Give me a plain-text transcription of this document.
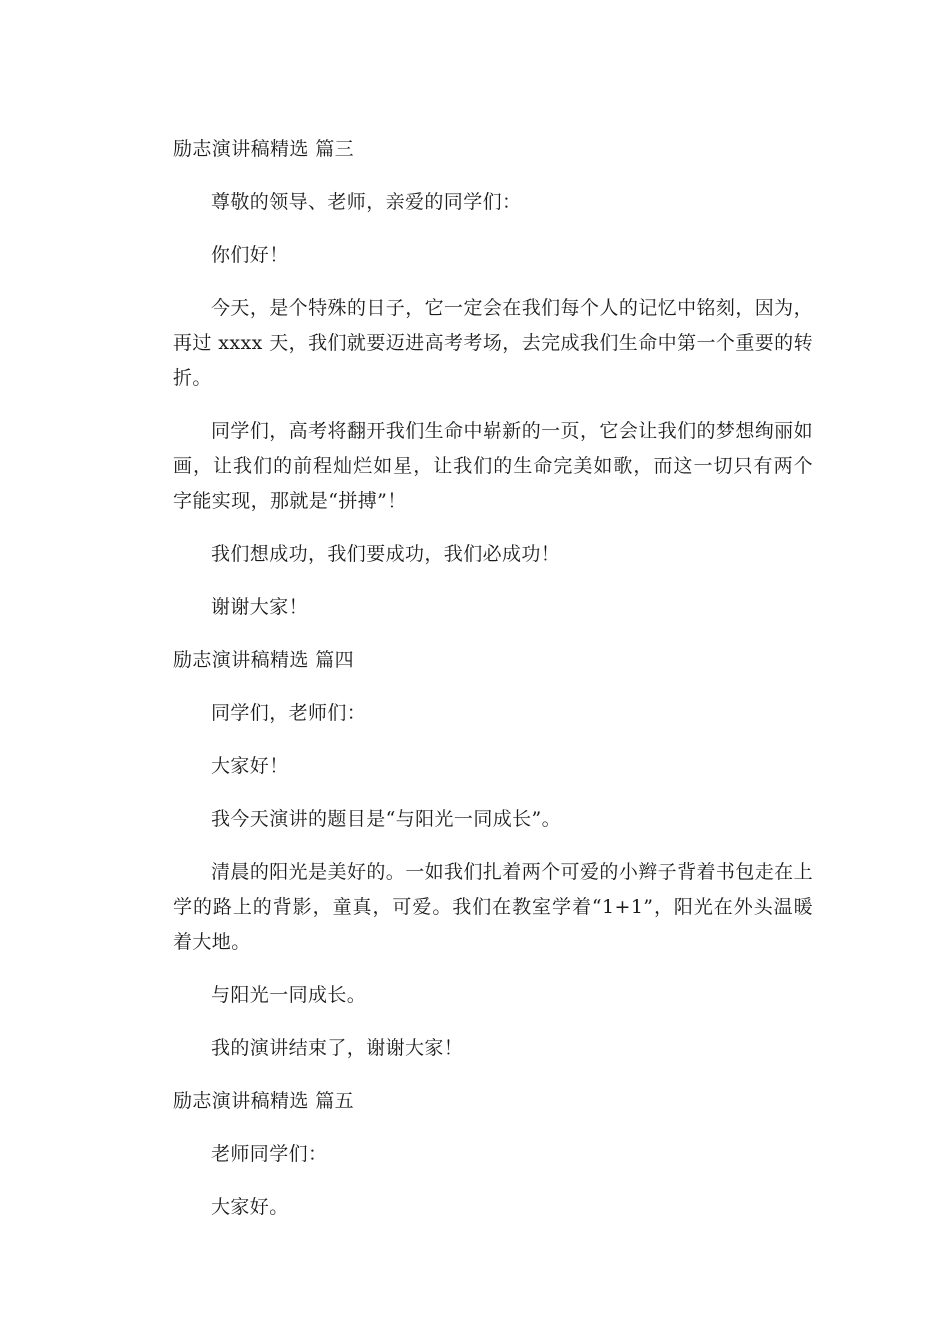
励志演讲稿精选 篇三

尊敬的领导、老师，亲爱的同学们：

你们好！

今天，是个特殊的日子，它一定会在我们每个人的记忆中铭刻，因为，再过 xxxx 天，我们就要迈进高考考场，去完成我们生命中第一个重要的转折。

同学们，高考将翻开我们生命中崭新的一页，它会让我们的梦想绚丽如画，让我们的前程灿烂如星，让我们的生命完美如歌，而这一切只有两个字能实现，那就是“拼搏”！

我们想成功，我们要成功，我们必成功！

谢谢大家！

励志演讲稿精选 篇四

同学们，老师们：

大家好！

我今天演讲的题目是“与阳光一同成长”。

清晨的阳光是美好的。一如我们扎着两个可爱的小辫子背着书包走在上学的路上的背影，童真，可爱。我们在教室学着“1+1”，阳光在外头温暖着大地。

与阳光一同成长。

我的演讲结束了，谢谢大家！

励志演讲稿精选 篇五

老师同学们：

大家好。
